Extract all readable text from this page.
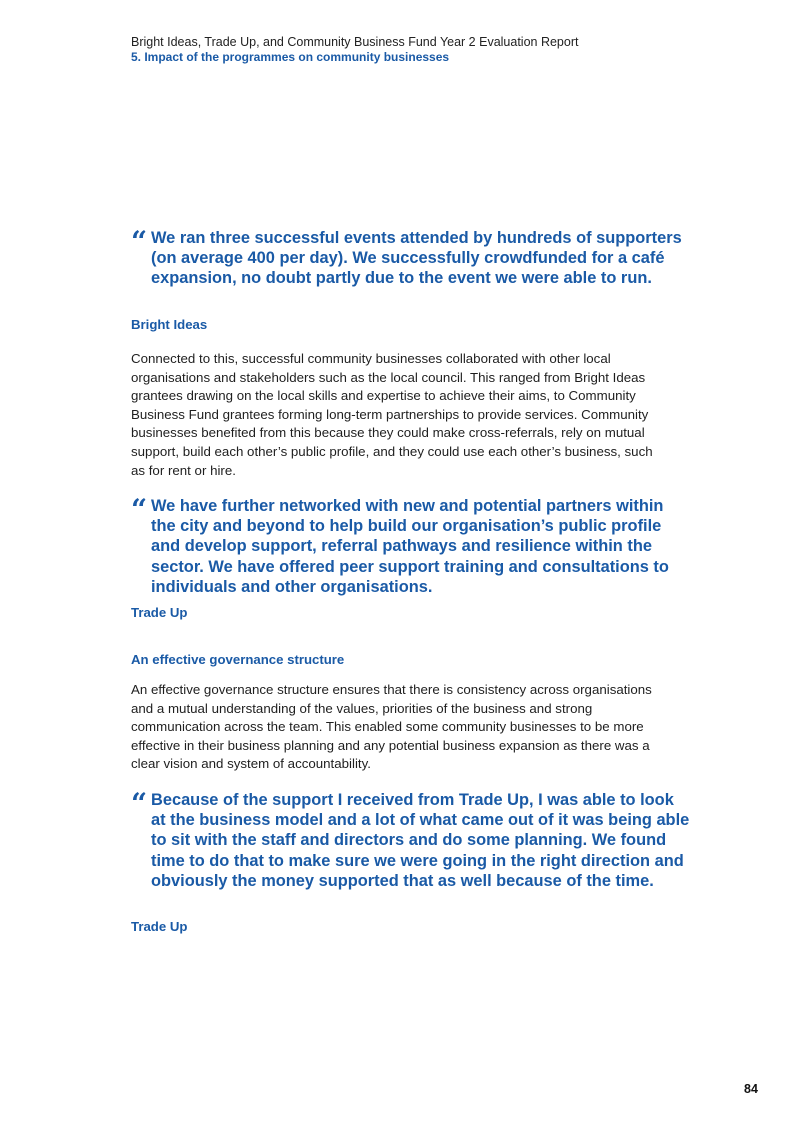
Bright Ideas, Trade Up, and Community Business Fund Year 2 Evaluation Report
5. Impact of the programmes on community businesses
“ We ran three successful events attended by hundreds of supporters (on average 400 per day). We successfully crowdfunded for a café expansion, no doubt partly due to the event we were able to run.
Bright Ideas
Connected to this, successful community businesses collaborated with other local organisations and stakeholders such as the local council. This ranged from Bright Ideas grantees drawing on the local skills and expertise to achieve their aims, to Community Business Fund grantees forming long-term partnerships to provide services. Community businesses benefited from this because they could make cross-referrals, rely on mutual support, build each other’s public profile, and they could use each other’s business, such as for rent or hire.
“ We have further networked with new and potential partners within the city and beyond to help build our organisation’s public profile and develop support, referral pathways and resilience within the sector. We have offered peer support training and consultations to individuals and other organisations.
Trade Up
An effective governance structure
An effective governance structure ensures that there is consistency across organisations and a mutual understanding of the values, priorities of the business and strong communication across the team. This enabled some community businesses to be more effective in their business planning and any potential business expansion as there was a clear vision and system of accountability.
“ Because of the support I received from Trade Up, I was able to look at the business model and a lot of what came out of it was being able to sit with the staff and directors and do some planning. We found time to do that to make sure we were going in the right direction and obviously the money supported that as well because of the time.
Trade Up
84
